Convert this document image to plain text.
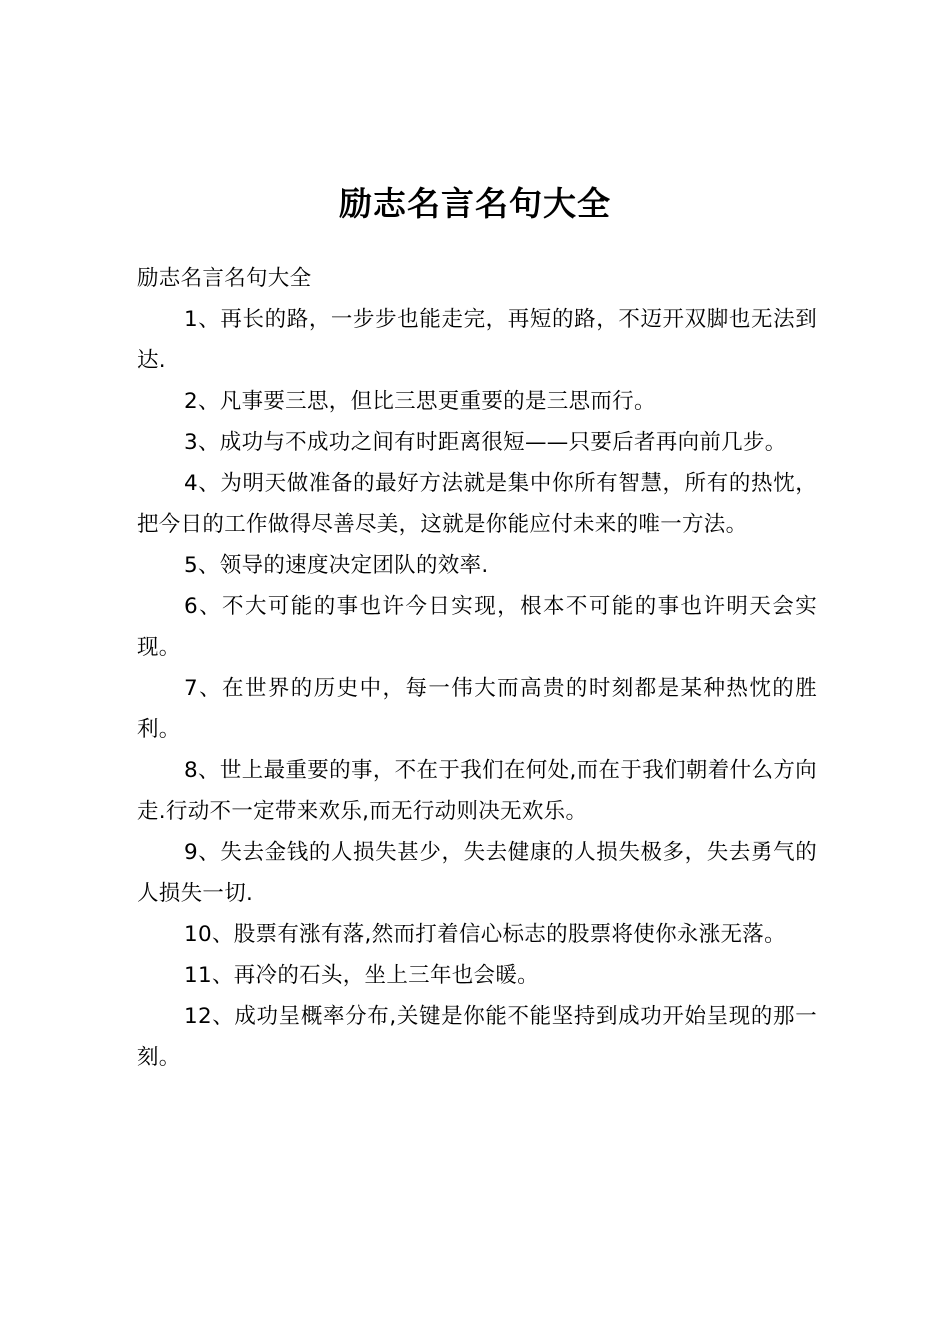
励志名言名句大全

励志名言名句大全

1、再长的路，一步步也能走完，再短的路，不迈开双脚也无法到达.
2、凡事要三思，但比三思更重要的是三思而行。
3、成功与不成功之间有时距离很短——只要后者再向前几步。
4、为明天做准备的最好方法就是集中你所有智慧，所有的热忱，把今日的工作做得尽善尽美，这就是你能应付未来的唯一方法。
5、领导的速度决定团队的效率.
6、不大可能的事也许今日实现，根本不可能的事也许明天会实现。
7、在世界的历史中，每一伟大而高贵的时刻都是某种热忱的胜利。
8、世上最重要的事，不在于我们在何处,而在于我们朝着什么方向走.行动不一定带来欢乐,而无行动则决无欢乐。
9、失去金钱的人损失甚少，失去健康的人损失极多，失去勇气的人损失一切.
10、股票有涨有落,然而打着信心标志的股票将使你永涨无落。
11、再冷的石头，坐上三年也会暖。
12、成功呈概率分布,关键是你能不能坚持到成功开始呈现的那一刻。
